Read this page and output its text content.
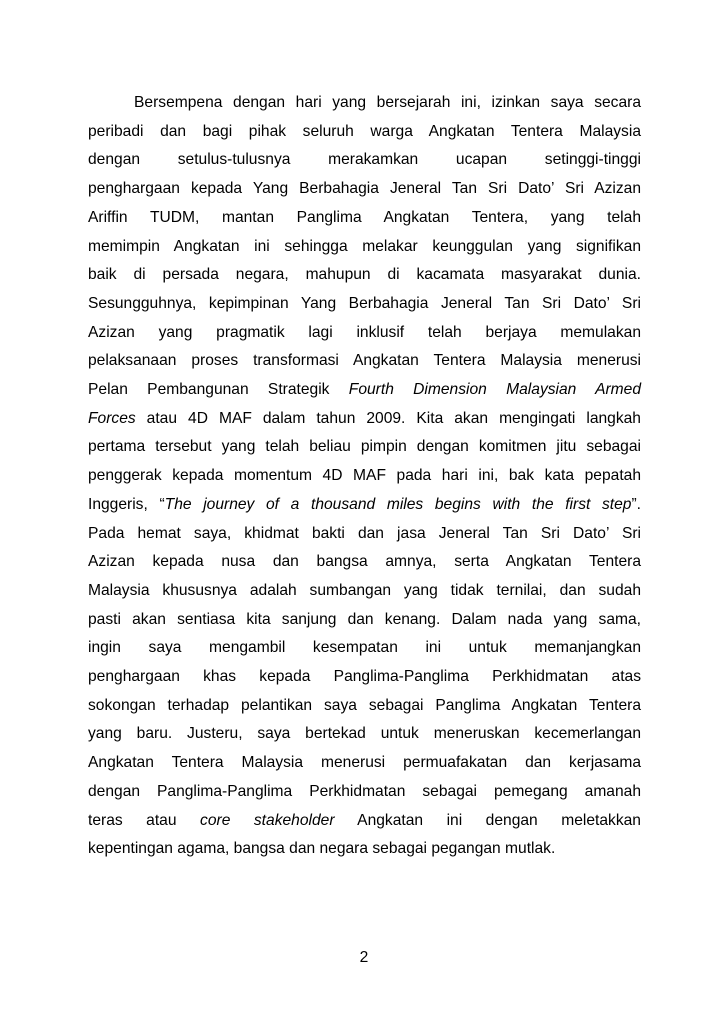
Bersempena dengan hari yang bersejarah ini, izinkan saya secara
peribadi dan bagi pihak seluruh warga Angkatan Tentera Malaysia
dengan setulus-tulusnya merakamkan ucapan setinggi-tinggi
penghargaan kepada Yang Berbahagia Jeneral Tan Sri Dato’ Sri Azizan
Ariffin TUDM, mantan Panglima Angkatan Tentera, yang telah
memimpin Angkatan ini sehingga melakar keunggulan yang signifikan
baik di persada negara, mahupun di kacamata masyarakat dunia.
Sesungguhnya, kepimpinan Yang Berbahagia Jeneral Tan Sri Dato’ Sri
Azizan yang pragmatik lagi inklusif telah berjaya memulakan
pelaksanaan proses transformasi Angkatan Tentera Malaysia menerusi
Pelan Pembangunan Strategik Fourth Dimension Malaysian Armed
Forces atau 4D MAF dalam tahun 2009. Kita akan mengingati langkah
pertama tersebut yang telah beliau pimpin dengan komitmen jitu sebagai
penggerak kepada momentum 4D MAF pada hari ini, bak kata pepatah
Inggeris, “The journey of a thousand miles begins with the first step”.
Pada hemat saya, khidmat bakti dan jasa Jeneral Tan Sri Dato’ Sri
Azizan kepada nusa dan bangsa amnya, serta Angkatan Tentera
Malaysia khususnya adalah sumbangan yang tidak ternilai, dan sudah
pasti akan sentiasa kita sanjung dan kenang. Dalam nada yang sama,
ingin saya mengambil kesempatan ini untuk memanjangkan
penghargaan khas kepada Panglima-Panglima Perkhidmatan atas
sokongan terhadap pelantikan saya sebagai Panglima Angkatan Tentera
yang baru. Justeru, saya bertekad untuk meneruskan kecemerlangan
Angkatan Tentera Malaysia menerusi permuafakatan dan kerjasama
dengan Panglima-Panglima Perkhidmatan sebagai pemegang amanah
teras atau core stakeholder Angkatan ini dengan meletakkan
kepentingan agama, bangsa dan negara sebagai pegangan mutlak.
2
